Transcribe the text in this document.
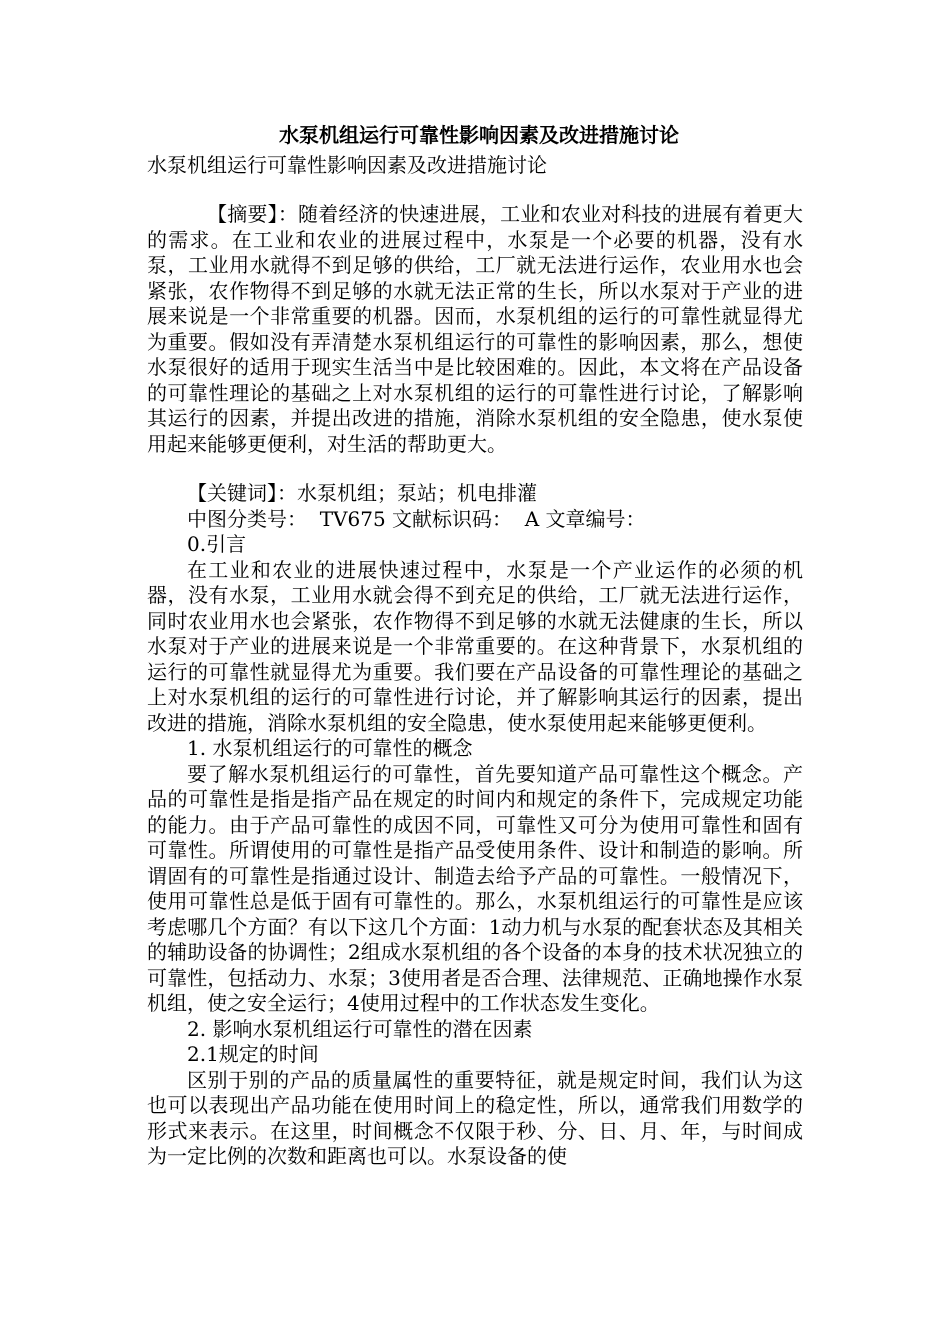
水泵机组运行可靠性影响因素及改进措施讨论

水泵机组运行可靠性影响因素及改进措施讨论

【摘要】：随着经济的快速进展，工业和农业对科技的进展有着更大的需求。在工业和农业的进展过程中，水泵是一个必要的机器，没有水泵，工业用水就得不到足够的供给，工厂就无法进行运作，农业用水也会紧张，农作物得不到足够的水就无法正常的生长，所以水泵对于产业的进展来说是一个非常重要的机器。因而，水泵机组的运行的可靠性就显得尤为重要。假如没有弄清楚水泵机组运行的可靠性的影响因素，那么，想使水泵很好的适用于现实生活当中是比较困难的。因此，本文将在产品设备的可靠性理论的基础之上对水泵机组的运行的可靠性进行讨论，了解影响其运行的因素，并提出改进的措施，消除水泵机组的安全隐患，使水泵使用起来能够更便利，对生活的帮助更大。

【关键词】：水泵机组；泵站；机电排灌

中图分类号：  TV675 文献标识码：  A 文章编号：

0.引言

在工业和农业的进展快速过程中，水泵是一个产业运作的必须的机器，没有水泵，工业用水就会得不到充足的供给，工厂就无法进行运作，同时农业用水也会紧张，农作物得不到足够的水就无法健康的生长，所以水泵对于产业的进展来说是一个非常重要的。在这种背景下，水泵机组的运行的可靠性就显得尤为重要。我们要在产品设备的可靠性理论的基础之上对水泵机组的运行的可靠性进行讨论，并了解影响其运行的因素，提出改进的措施，消除水泵机组的安全隐患，使水泵使用起来能够更便利。

1. 水泵机组运行的可靠性的概念

要了解水泵机组运行的可靠性，首先要知道产品可靠性这个概念。产品的可靠性是指是指产品在规定的时间内和规定的条件下，完成规定功能的能力。由于产品可靠性的成因不同，可靠性又可分为使用可靠性和固有可靠性。所谓使用的可靠性是指产品受使用条件、设计和制造的影响。所谓固有的可靠性是指通过设计、制造去给予产品的可靠性。一般情况下，使用可靠性总是低于固有可靠性的。那么，水泵机组运行的可靠性是应该考虑哪几个方面？有以下这几个方面：1动力机与水泵的配套状态及其相关的辅助设备的协调性；2组成水泵机组的各个设备的本身的技术状况独立的可靠性，包括动力、水泵；3使用者是否合理、法律规范、正确地操作水泵机组，使之安全运行；4使用过程中的工作状态发生变化。

2. 影响水泵机组运行可靠性的潜在因素

2.1规定的时间

区别于别的产品的质量属性的重要特征，就是规定时间，我们认为这也可以表现出产品功能在使用时间上的稳定性，所以，通常我们用数学的形式来表示。在这里，时间概念不仅限于秒、分、日、月、年，与时间成为一定比例的次数和距离也可以。水泵设备的使
